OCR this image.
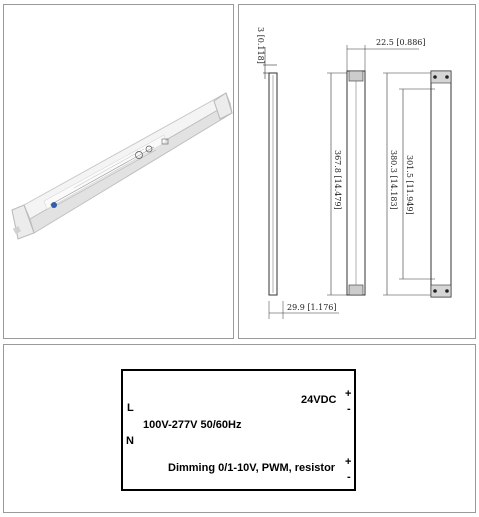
3 [0.118]
367.8 [14.479]
22.5 [0.886]
380.3 [14.183] 301.5 [11.949]
29.9 [1.176]
L
N
100V-277V 50/60Hz
24VDC +
-
Dimming 0/1-10V, PWM, resistor +
-
